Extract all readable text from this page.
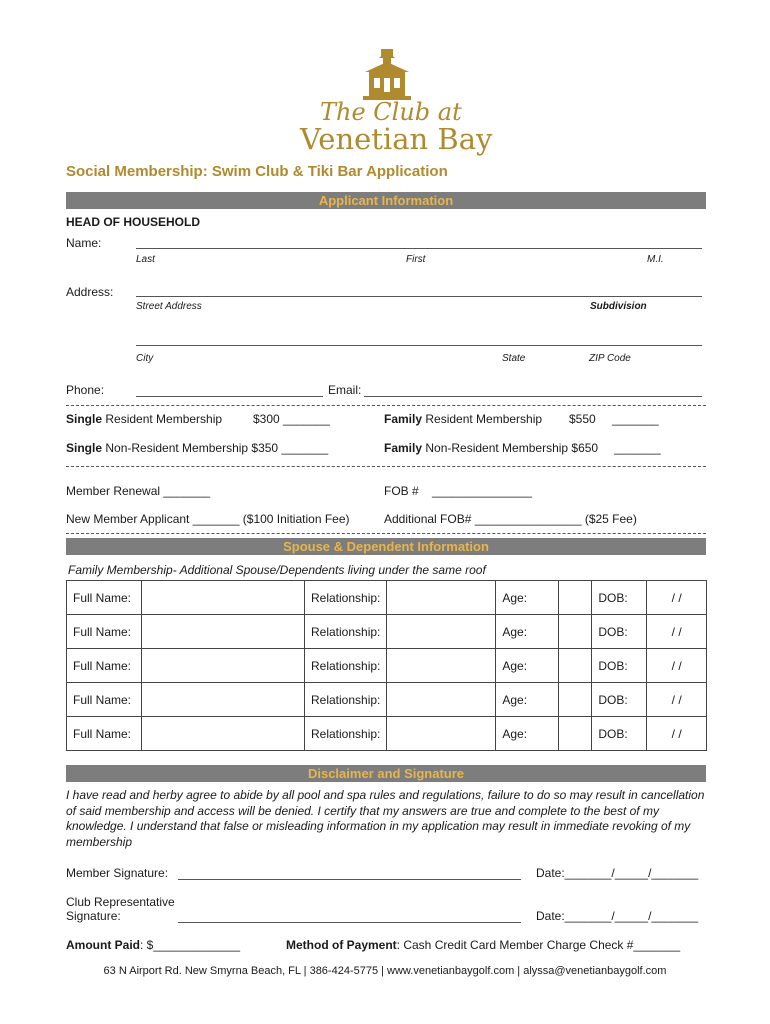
The Club at
Venetian Bay
Social Membership: Swim Club & Tiki Bar Application
Applicant Information
HEAD OF HOUSEHOLD
Name:
Last	First	M.I.
Address:
Street Address	Subdivision
City	State	ZIP Code
Phone:	Email:
Single Resident Membership	$300 _______	Family Resident Membership $550 _______
Single Non-Resident Membership $350 _______	Family Non-Resident Membership $650 _______
Member Renewal _______	FOB # _______________
New Member Applicant _______ ($100 Initiation Fee)	Additional FOB# ________________ ($25 Fee)
Spouse & Dependent Information
Family Membership- Additional Spouse/Dependents living under the same roof
Full Name:		Relationship:		Age:		DOB:	/ /
Full Name:		Relationship:		Age:		DOB:	/ /
Full Name:		Relationship:		Age:		DOB:	/ /
Full Name:		Relationship:		Age:		DOB:	/ /
Full Name:		Relationship:		Age:		DOB:	/ /
Disclaimer and Signature
I have read and herby agree to abide by all pool and spa rules and regulations, failure to do so may result in cancellation of said membership and access will be denied. I certify that my answers are true and complete to the best of my knowledge. I understand that false or misleading information in my application may result in immediate revoking of my membership
Member Signature:	Date:_______/_____/_______
Club Representative
Signature:	Date:_______/_____/_______
Amount Paid: $_____________	Method of Payment: Cash Credit Card Member Charge Check #_______
63 N Airport Rd. New Smyrna Beach, FL | 386-424-5775 | www.venetianbaygolf.com | alyssa@venetianbaygolf.com
